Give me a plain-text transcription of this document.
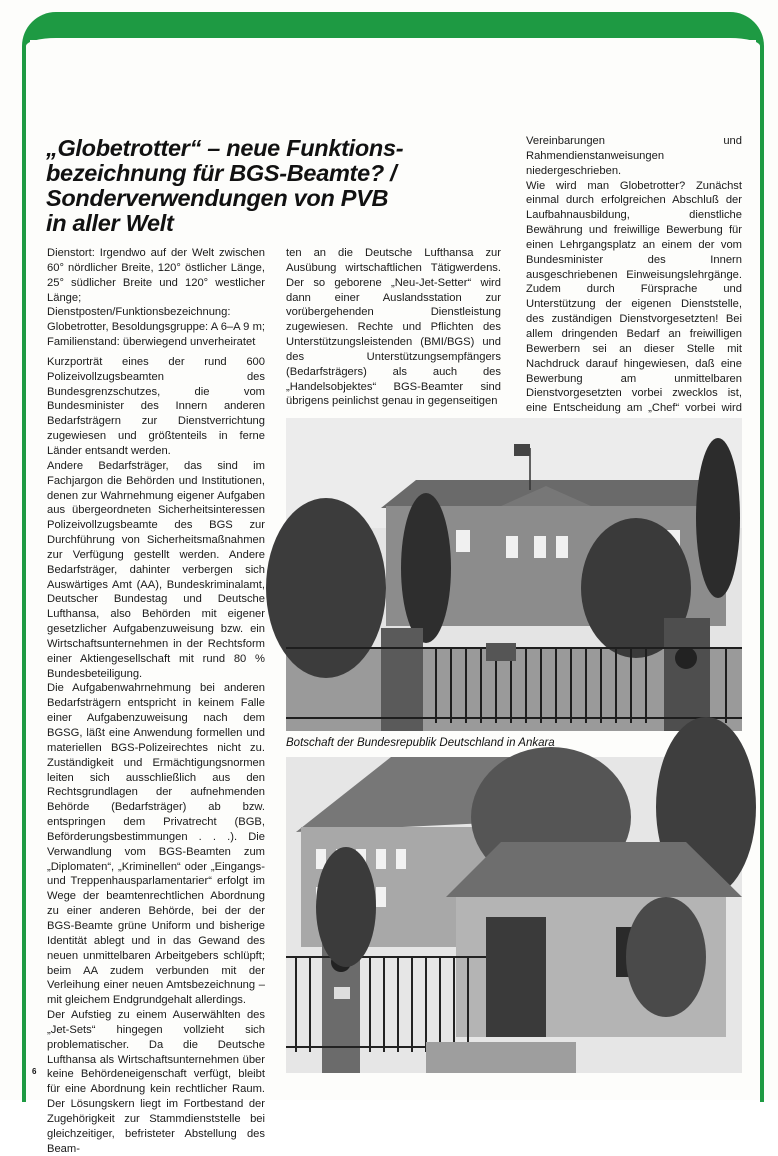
„Globetrotter“ – neue Funktions-
bezeichnung für BGS-Beamte? /
Sonderverwendungen von PVB
in aller Welt

Dienstort: Irgendwo auf der Welt zwischen 60° nördlicher Breite, 120° östlicher Länge, 25° südlicher Breite und 120° westlicher Länge;

Dienstposten/Funktionsbezeichnung: Globetrotter, Besoldungsgruppe: A 6–A 9 m; Familienstand: überwiegend unverheiratet

Kurzporträt eines der rund 600 Polizeivollzugsbeamten des Bundesgrenzschutzes, die vom Bundesminister des Innern anderen Bedarfsträgern zur Dienstverrichtung zugewiesen und größtenteils in ferne Länder entsandt werden.

Andere Bedarfsträger, das sind im Fachjargon die Behörden und Institutionen, denen zur Wahrnehmung eigener Aufgaben aus übergeordneten Sicherheitsinteressen Polizeivollzugsbeamte des BGS zur Durchführung von Sicherheitsmaßnahmen zur Verfügung gestellt werden. Andere Bedarfsträger, dahinter verbergen sich Auswärtiges Amt (AA), Bundeskriminalamt, Deutscher Bundestag und Deutsche Lufthansa, also Behörden mit eigener gesetzlicher Aufgabenzuweisung bzw. ein Wirtschaftsunternehmen in der Rechtsform einer Aktiengesellschaft mit rund 80 % Bundesbeteiligung.

Die Aufgabenwahrnehmung bei anderen Bedarfsträgern entspricht in keinem Falle einer Aufgabenzuweisung nach dem BGSG, läßt eine Anwendung formellen und materiellen BGS-Polizeirechtes nicht zu. Zuständigkeit und Ermächtigungsnormen leiten sich ausschließlich aus den Rechtsgrundlagen der aufnehmenden Behörde (Bedarfsträger) ab bzw. entspringen dem Privatrecht (BGB, Beförderungsbestimmungen . . .). Die Verwandlung vom BGS-Beamten zum „Diplomaten“, „Kriminellen“ oder „Eingangs- und Treppenhausparlamentarier“ erfolgt im Wege der beamtenrechtlichen Abordnung zu einer anderen Behörde, bei der der BGS-Beamte grüne Uniform und bisherige Identität ablegt und in das Gewand des neuen unmittelbaren Arbeitgebers schlüpft; beim AA zudem verbunden mit der Verleihung einer neuen Amtsbezeichnung – mit gleichem Endgrundgehalt allerdings.

Der Aufstieg zu einem Auserwählten des „Jet-Sets“ hingegen vollzieht sich problematischer. Da die Deutsche Lufthansa als Wirtschaftsunternehmen über keine Behördeneigenschaft verfügt, bleibt für eine Abordnung kein rechtlicher Raum. Der Lösungskern liegt im Fortbestand der Zugehörigkeit zur Stammdienststelle bei gleichzeitiger, befristeter Abstellung des Beam-

ten an die Deutsche Lufthansa zur Ausübung wirtschaftlichen Tätigwerdens. Der so geborene „Neu-Jet-Setter“ wird dann einer Auslandsstation zur vorübergehenden Dienstleistung zugewiesen. Rechte und Pflichten des Unterstützungsleistenden (BMI/BGS) und des Unterstützungsempfängers (Bedarfsträgers) als auch des „Handelsobjektes“ BGS-Beamter sind übrigens peinlichst genau in gegenseitigen

Vereinbarungen und Rahmendienstanweisungen niedergeschrieben.

Wie wird man Globetrotter? Zunächst einmal durch erfolgreichen Abschluß der Laufbahnausbildung, dienstliche Bewährung und freiwillige Bewerbung für einen Lehrgangsplatz an einem der vom Bundesminister des Innern ausgeschriebenen Einweisungslehrgänge. Zudem durch Fürsprache und Unterstützung der eigenen Dienststelle, des zuständigen Dienstvorgesetzten! Bei allem dringenden Bedarf an freiwilligen Bewerbern sei an dieser Stelle mit Nachdruck darauf hingewiesen, daß eine Bewerbung am unmittelbaren Dienstvorgesetzten vorbei zwecklos ist, eine Entscheidung am „Chef“ vorbei wird

Botschaft der Bundesrepublik Deutschland in Ankara
6
